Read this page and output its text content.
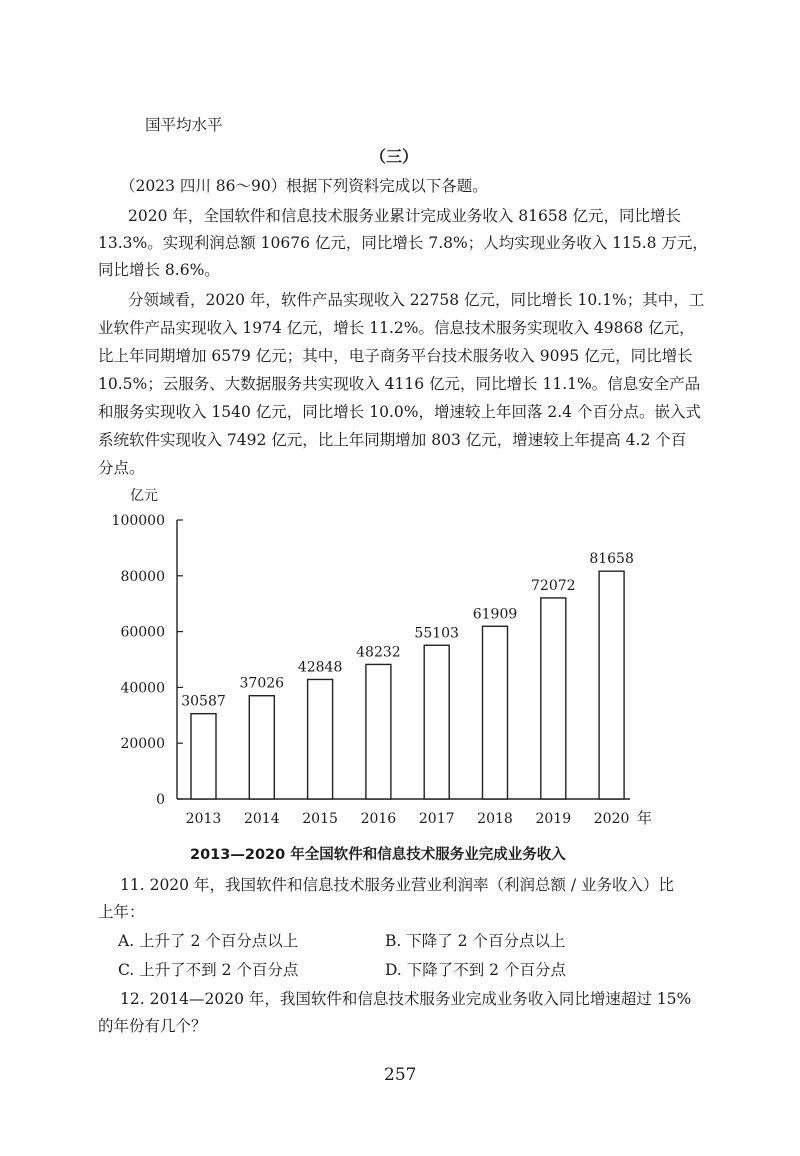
国平均水平
（三）
（2023 四川 86～90）根据下列资料完成以下各题。
2020 年，全国软件和信息技术服务业累计完成业务收入 81658 亿元，同比增长
13.3%。实现利润总额 10676 亿元，同比增长 7.8%；人均实现业务收入 115.8 万元，
同比增长 8.6%。
分领域看，2020 年，软件产品实现收入 22758 亿元，同比增长 10.1%；其中，工
业软件产品实现收入 1974 亿元，增长 11.2%。信息技术服务实现收入 49868 亿元，
比上年同期增加 6579 亿元；其中，电子商务平台技术服务收入 9095 亿元，同比增长
10.5%；云服务、大数据服务共实现收入 4116 亿元，同比增长 11.1%。信息安全产品
和服务实现收入 1540 亿元，同比增长 10.0%，增速较上年回落 2.4 个百分点。嵌入式
系统软件实现收入 7492 亿元，比上年同期增加 803 亿元，增速较上年提高 4.2 个百
分点。
亿元
0
20000
40000
60000
80000
100000
30587
37026
42848
48232
55103
61909
72072
81658
2013 2014 2015 2016 2017 2018 2019 2020 年
2013—2020 年全国软件和信息技术服务业完成业务收入
11. 2020 年，我国软件和信息技术服务业营业利润率（利润总额 / 业务收入）比
上年：
A. 上升了 2 个百分点以上	B. 下降了 2 个百分点以上
C. 上升了不到 2 个百分点	D. 下降了不到 2 个百分点
12. 2014—2020 年，我国软件和信息技术服务业完成业务收入同比增速超过 15%
的年份有几个？
257
